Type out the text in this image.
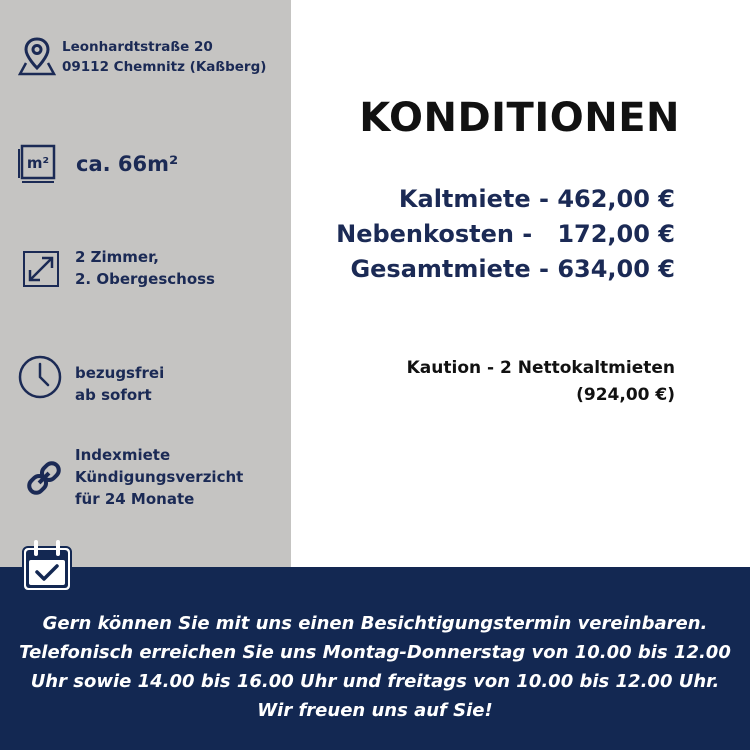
Leonhardtstraße 20
09112 Chemnitz (Kaßberg)
m² ca. 66m²
2 Zimmer,
2. Obergeschoss
bezugsfrei
ab sofort
Indexmiete
Kündigungsverzicht
für 24 Monate
KONDITIONEN
Kaltmiete - 462,00 €
Nebenkosten -   172,00 €
Gesamtmiete - 634,00 €
Kaution - 2 Nettokaltmieten
(924,00 €)
Gern können Sie mit uns einen Besichtigungstermin vereinbaren.
Telefonisch erreichen Sie uns Montag-Donnerstag von 10.00 bis 12.00
Uhr sowie 14.00 bis 16.00 Uhr und freitags von 10.00 bis 12.00 Uhr.
Wir freuen uns auf Sie!
